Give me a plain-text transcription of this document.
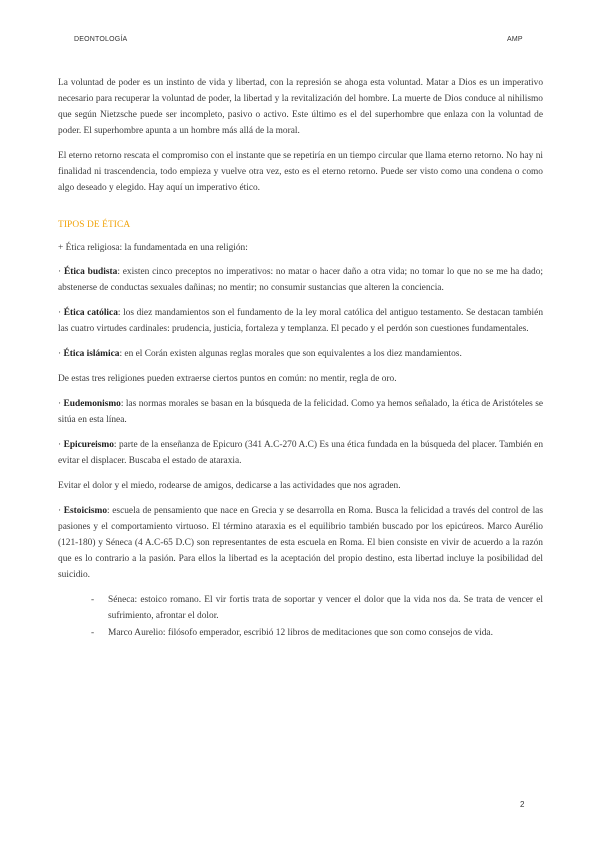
DEONTOLOGÍA	AMP

La voluntad de poder es un instinto de vida y libertad, con la represión se ahoga esta voluntad. Matar a Dios es un imperativo necesario para recuperar la voluntad de poder, la libertad y la revitalización del hombre. La muerte de Dios conduce al nihilismo que según Nietzsche puede ser incompleto, pasivo o activo. Este último es el del superhombre que enlaza con la voluntad de poder. El superhombre apunta a un hombre más allá de la moral.

El eterno retorno rescata el compromiso con el instante que se repetiría en un tiempo circular que llama eterno retorno. No hay ni finalidad ni trascendencia, todo empieza y vuelve otra vez, esto es el eterno retorno. Puede ser visto como una condena o como algo deseado y elegido. Hay aquí un imperativo ético.

TIPOS DE ÉTICA

+ Ética religiosa: la fundamentada en una religión:

· Ética budista: existen cinco preceptos no imperativos: no matar o hacer daño a otra vida; no tomar lo que no se me ha dado; abstenerse de conductas sexuales dañinas; no mentir; no consumir sustancias que alteren la conciencia.

· Ética católica: los diez mandamientos son el fundamento de la ley moral católica del antiguo testamento. Se destacan también las cuatro virtudes cardinales: prudencia, justicia, fortaleza y templanza. El pecado y el perdón son cuestiones fundamentales.

· Ética islámica: en el Corán existen algunas reglas morales que son equivalentes a los diez mandamientos.

De estas tres religiones pueden extraerse ciertos puntos en común: no mentir, regla de oro.

· Eudemonismo: las normas morales se basan en la búsqueda de la felicidad. Como ya hemos señalado, la ética de Aristóteles se sitúa en esta línea.

· Epicureismo: parte de la enseñanza de Epicuro (341 A.C-270 A.C) Es una ética fundada en la búsqueda del placer. También en evitar el displacer. Buscaba el estado de ataraxia.

Evitar el dolor y el miedo, rodearse de amigos, dedicarse a las actividades que nos agraden.

· Estoicismo: escuela de pensamiento que nace en Grecia y se desarrolla en Roma. Busca la felicidad a través del control de las pasiones y el comportamiento virtuoso. El término ataraxia es el equilibrio también buscado por los epicúreos. Marco Aurélio (121-180) y Séneca (4 A.C-65 D.C) son representantes de esta escuela en Roma. El bien consiste en vivir de acuerdo a la razón que es lo contrario a la pasión. Para ellos la libertad es la aceptación del propio destino, esta libertad incluye la posibilidad del suicidio.

- Séneca: estoico romano. El vir fortis trata de soportar y vencer el dolor que la vida nos da. Se trata de vencer el sufrimiento, afrontar el dolor.
- Marco Aurelio: filósofo emperador, escribió 12 libros de meditaciones que son como consejos de vida.
2
